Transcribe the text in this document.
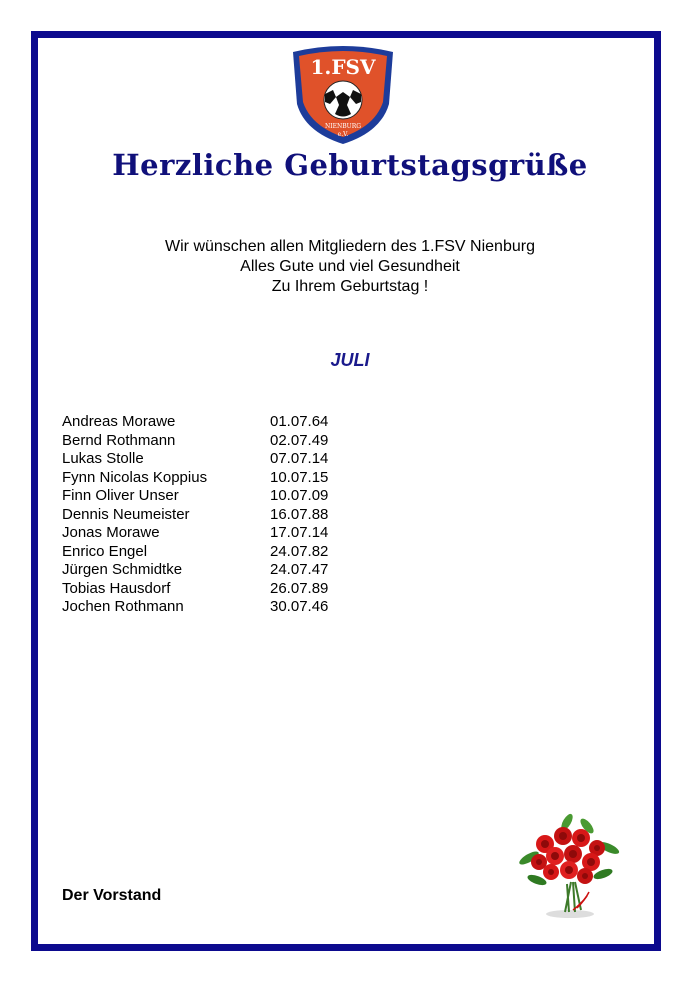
1.FSV
NIENBURG
e.V.
Herzliche Geburtstagsgrüße
Wir wünschen allen Mitgliedern des 1.FSV Nienburg
Alles Gute und viel Gesundheit
Zu Ihrem Geburtstag !
JULI
Andreas Morawe	01.07.64
Bernd Rothmann	02.07.49
Lukas Stolle	07.07.14
Fynn Nicolas Koppius	10.07.15
Finn Oliver Unser	10.07.09
Dennis Neumeister	16.07.88
Jonas Morawe	17.07.14
Enrico Engel	24.07.82
Jürgen Schmidtke	24.07.47
Tobias Hausdorf	26.07.89
Jochen Rothmann	30.07.46
Der Vorstand
